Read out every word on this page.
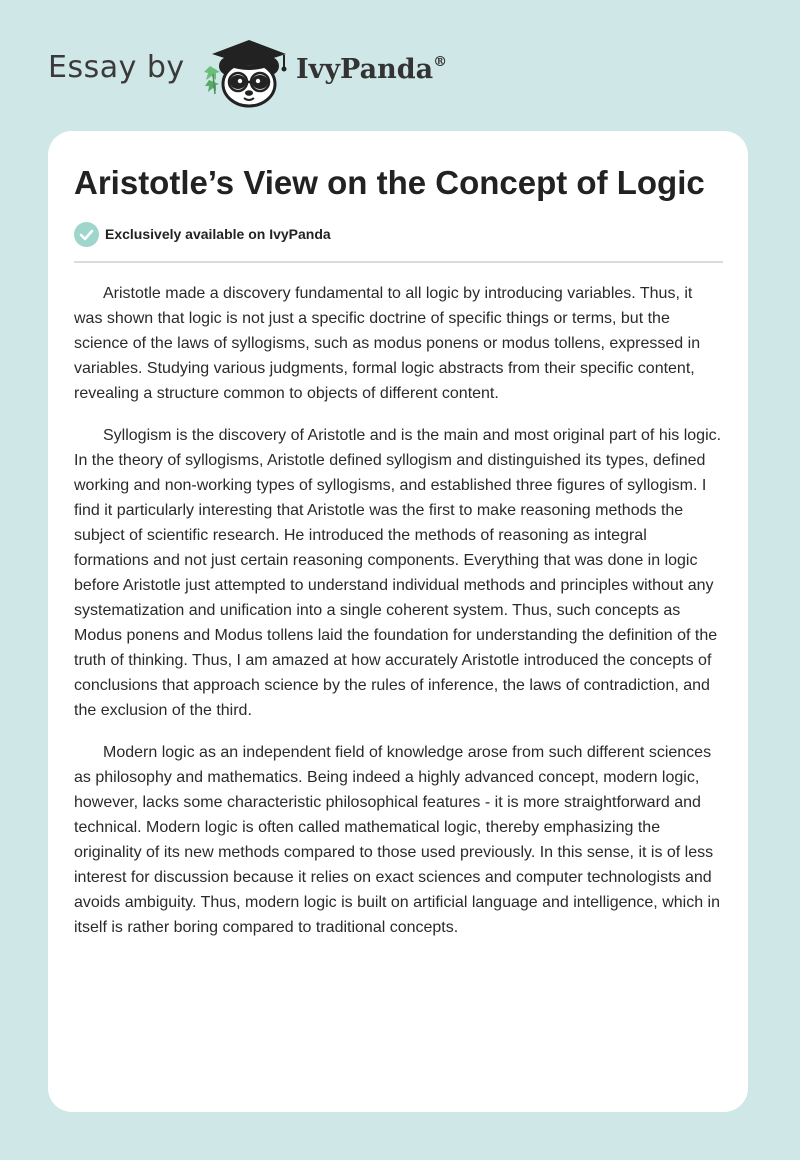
Essay by	IvyPanda®
Aristotle’s View on the Concept of Logic
Exclusively available on IvyPanda

Aristotle made a discovery fundamental to all logic by introducing variables. Thus, it was shown that logic is not just a specific doctrine of specific things or terms, but the science of the laws of syllogisms, such as modus ponens or modus tollens, expressed in variables. Studying various judgments, formal logic abstracts from their specific content, revealing a structure common to objects of different content.

Syllogism is the discovery of Aristotle and is the main and most original part of his logic. In the theory of syllogisms, Aristotle defined syllogism and distinguished its types, defined working and non-working types of syllogisms, and established three figures of syllogism. I find it particularly interesting that Aristotle was the first to make reasoning methods the subject of scientific research. He introduced the methods of reasoning as integral formations and not just certain reasoning components. Everything that was done in logic before Aristotle just attempted to understand individual methods and principles without any systematization and unification into a single coherent system. Thus, such concepts as Modus ponens and Modus tollens laid the foundation for understanding the definition of the truth of thinking. Thus, I am amazed at how accurately Aristotle introduced the concepts of conclusions that approach science by the rules of inference, the laws of contradiction, and the exclusion of the third.

Modern logic as an independent field of knowledge arose from such different sciences as philosophy and mathematics. Being indeed a highly advanced concept, modern logic, however, lacks some characteristic philosophical features - it is more straightforward and technical. Modern logic is often called mathematical logic, thereby emphasizing the originality of its new methods compared to those used previously. In this sense, it is of less interest for discussion because it relies on exact sciences and computer technologists and avoids ambiguity. Thus, modern logic is built on artificial language and intelligence, which in itself is rather boring compared to traditional concepts.
